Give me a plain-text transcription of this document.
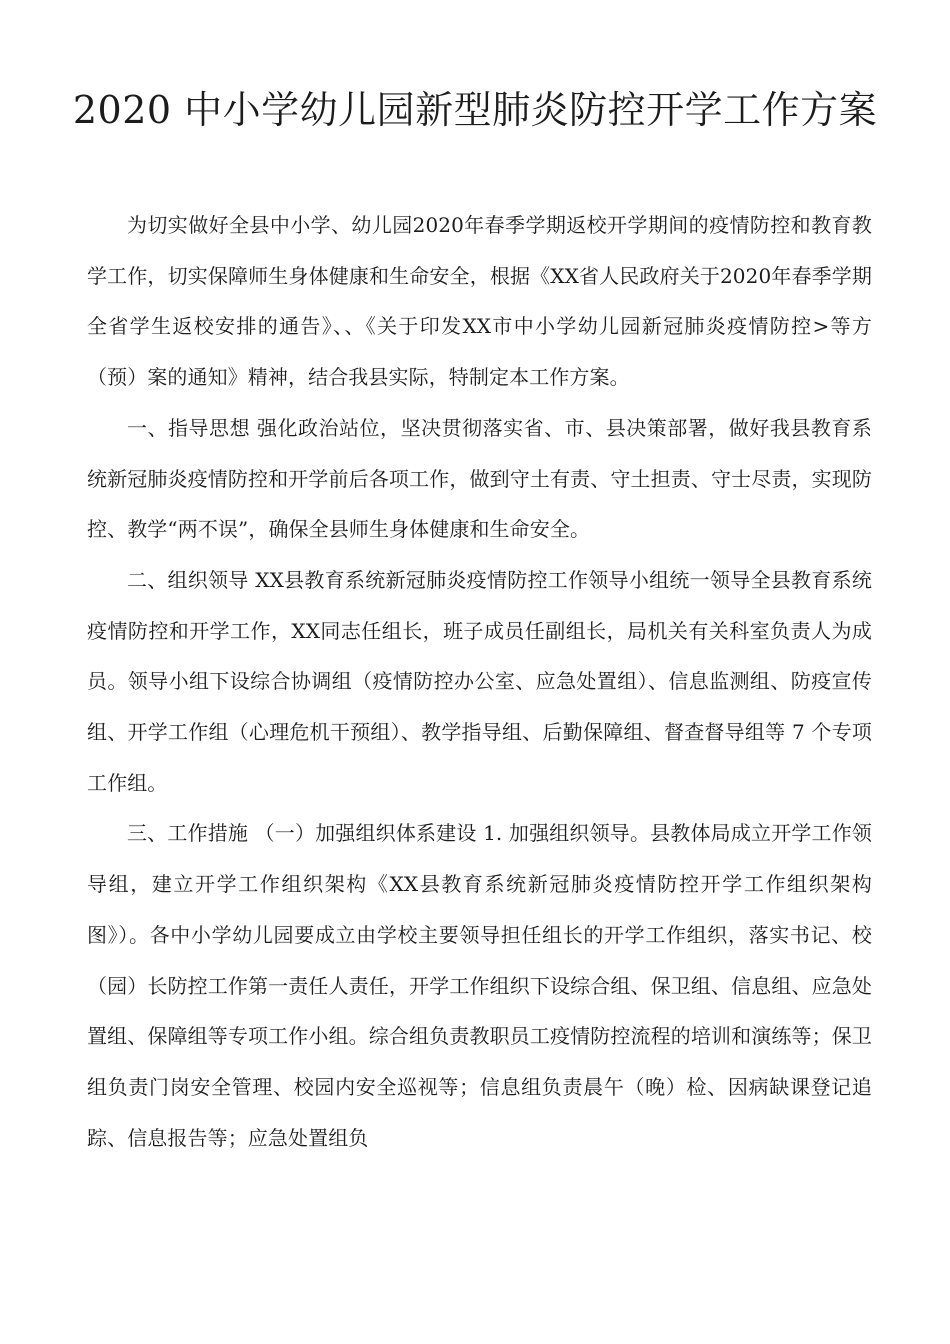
2020 中小学幼儿园新型肺炎防控开学工作方案

为切实做好全县中小学、幼儿园2020年春季学期返校开学期间的疫情防控和教育教学工作，切实保障师生身体健康和生命安全，根据《XX省人民政府关于2020年春季学期全省学生返校安排的通告》、、《关于印发XX市中小学幼儿园新冠肺炎疫情防控>等方（预）案的通知》精神，结合我县实际，特制定本工作方案。

一、指导思想 强化政治站位，坚决贯彻落实省、市、县决策部署，做好我县教育系统新冠肺炎疫情防控和开学前后各项工作，做到守土有责、守土担责、守士尽责，实现防控、教学“两不误”，确保全县师生身体健康和生命安全。

二、组织领导 XX县教育系统新冠肺炎疫情防控工作领导小组统一领导全县教育系统疫情防控和开学工作，XX同志任组长，班子成员任副组长，局机关有关科室负责人为成员。领导小组下设综合协调组（疫情防控办公室、应急处置组）、信息监测组、防疫宣传组、开学工作组（心理危机干预组）、教学指导组、后勤保障组、督查督导组等 7 个专项工作组。

三、工作措施 （一）加强组织体系建设 1. 加强组织领导。县教体局成立开学工作领导组，建立开学工作组织架构《XX县教育系统新冠肺炎疫情防控开学工作组织架构图》）。各中小学幼儿园要成立由学校主要领导担任组长的开学工作组织，落实书记、校（园）长防控工作第一责任人责任，开学工作组织下设综合组、保卫组、信息组、应急处置组、保障组等专项工作小组。综合组负责教职员工疫情防控流程的培训和演练等；保卫组负责门岗安全管理、校园内安全巡视等；信息组负责晨午（晚）检、因病缺课登记追踪、信息报告等；应急处置组负
